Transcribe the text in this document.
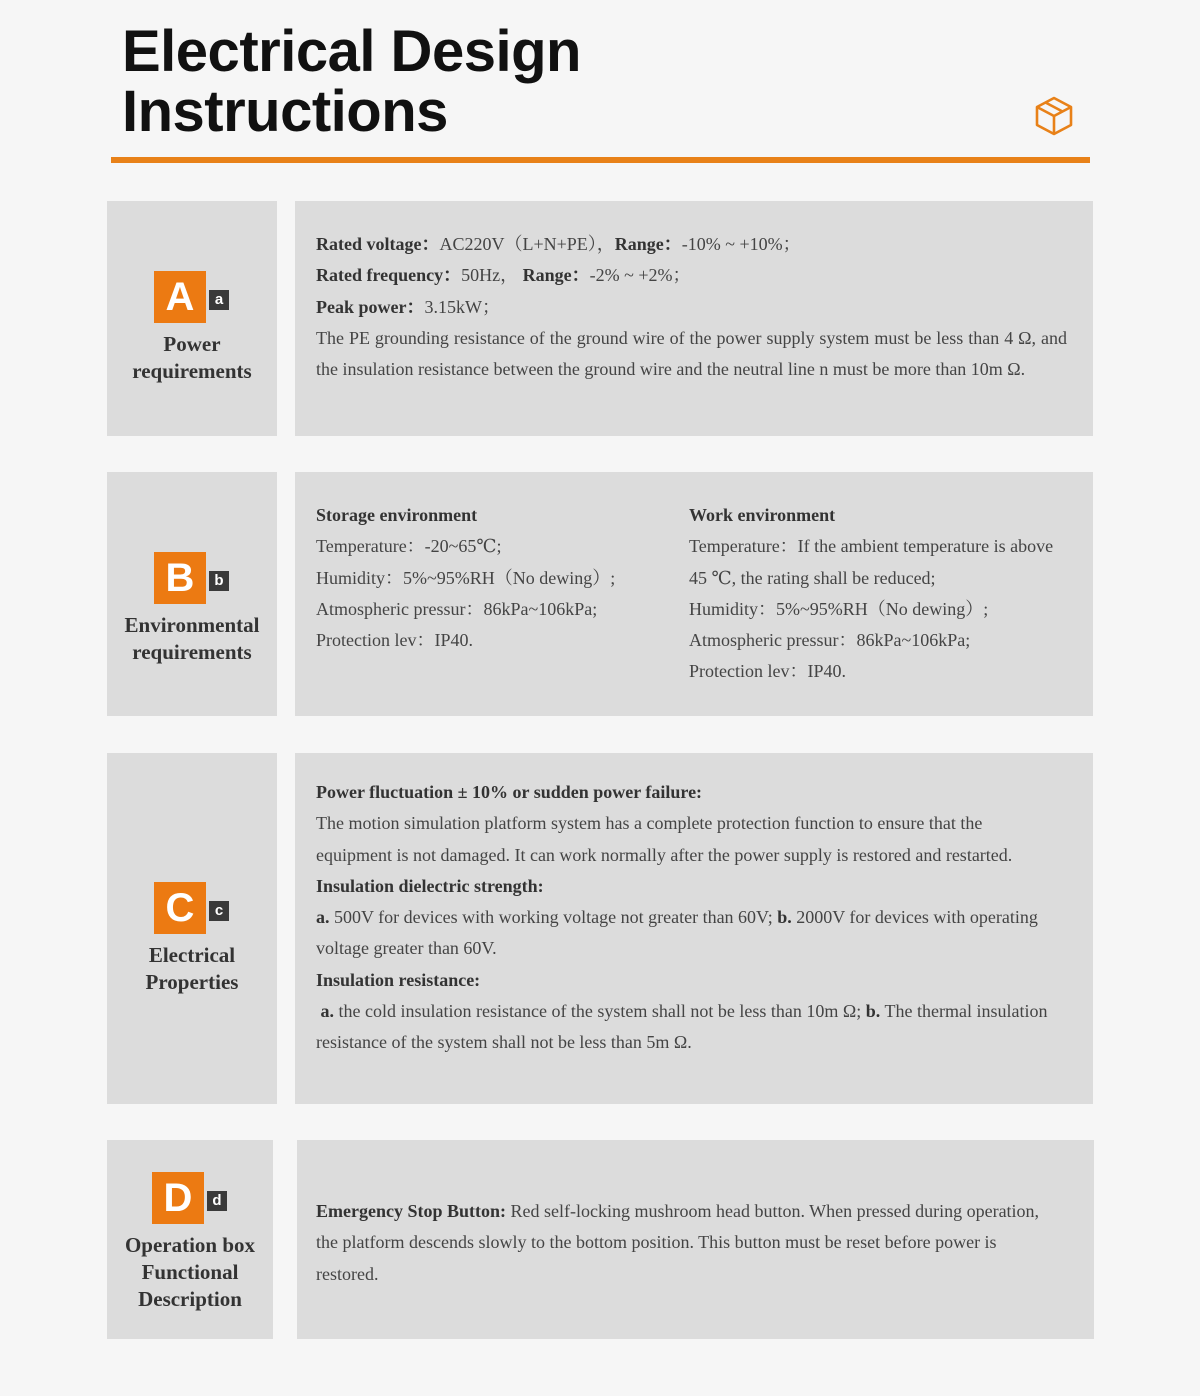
Electrical Design
Instructions
A	a
Power
requirements

Rated voltage：AC220V（L+N+PE），Range：-10% ~ +10%；

Rated frequency：50Hz， Range：-2% ~ +2%；

Peak power：3.15kW；

The PE grounding resistance of the ground wire of the power supply system must be less than 4 Ω, and the insulation resistance between the ground wire and the neutral line n must be more than 10m Ω.

B	b
Environmental
requirements

Storage environment

Temperature：-20~65℃;

Humidity：5%~95%RH（No dewing）;

Atmospheric pressur：86kPa~106kPa;

Protection lev：IP40.

Work environment

Temperature：If the ambient temperature is above 45 ℃, the rating shall be reduced;

Humidity：5%~95%RH（No dewing）;

Atmospheric pressur：86kPa~106kPa;

Protection lev：IP40.

C	c
Electrical
Properties

Power fluctuation ± 10% or sudden power failure:

The motion simulation platform system has a complete protection function to ensure that the equipment is not damaged. It can work normally after the power supply is restored and restarted.

Insulation dielectric strength:

a. 500V for devices with working voltage not greater than 60V; b. 2000V for devices with operating voltage greater than 60V.

Insulation resistance:

a. the cold insulation resistance of the system shall not be less than 10m Ω; b. The thermal insulation resistance of the system shall not be less than 5m Ω.

D	d
Operation box
Functional
Description

Emergency Stop Button: Red self-locking mushroom head button. When pressed during operation, the platform descends slowly to the bottom position. This button must be reset before power is restored.
